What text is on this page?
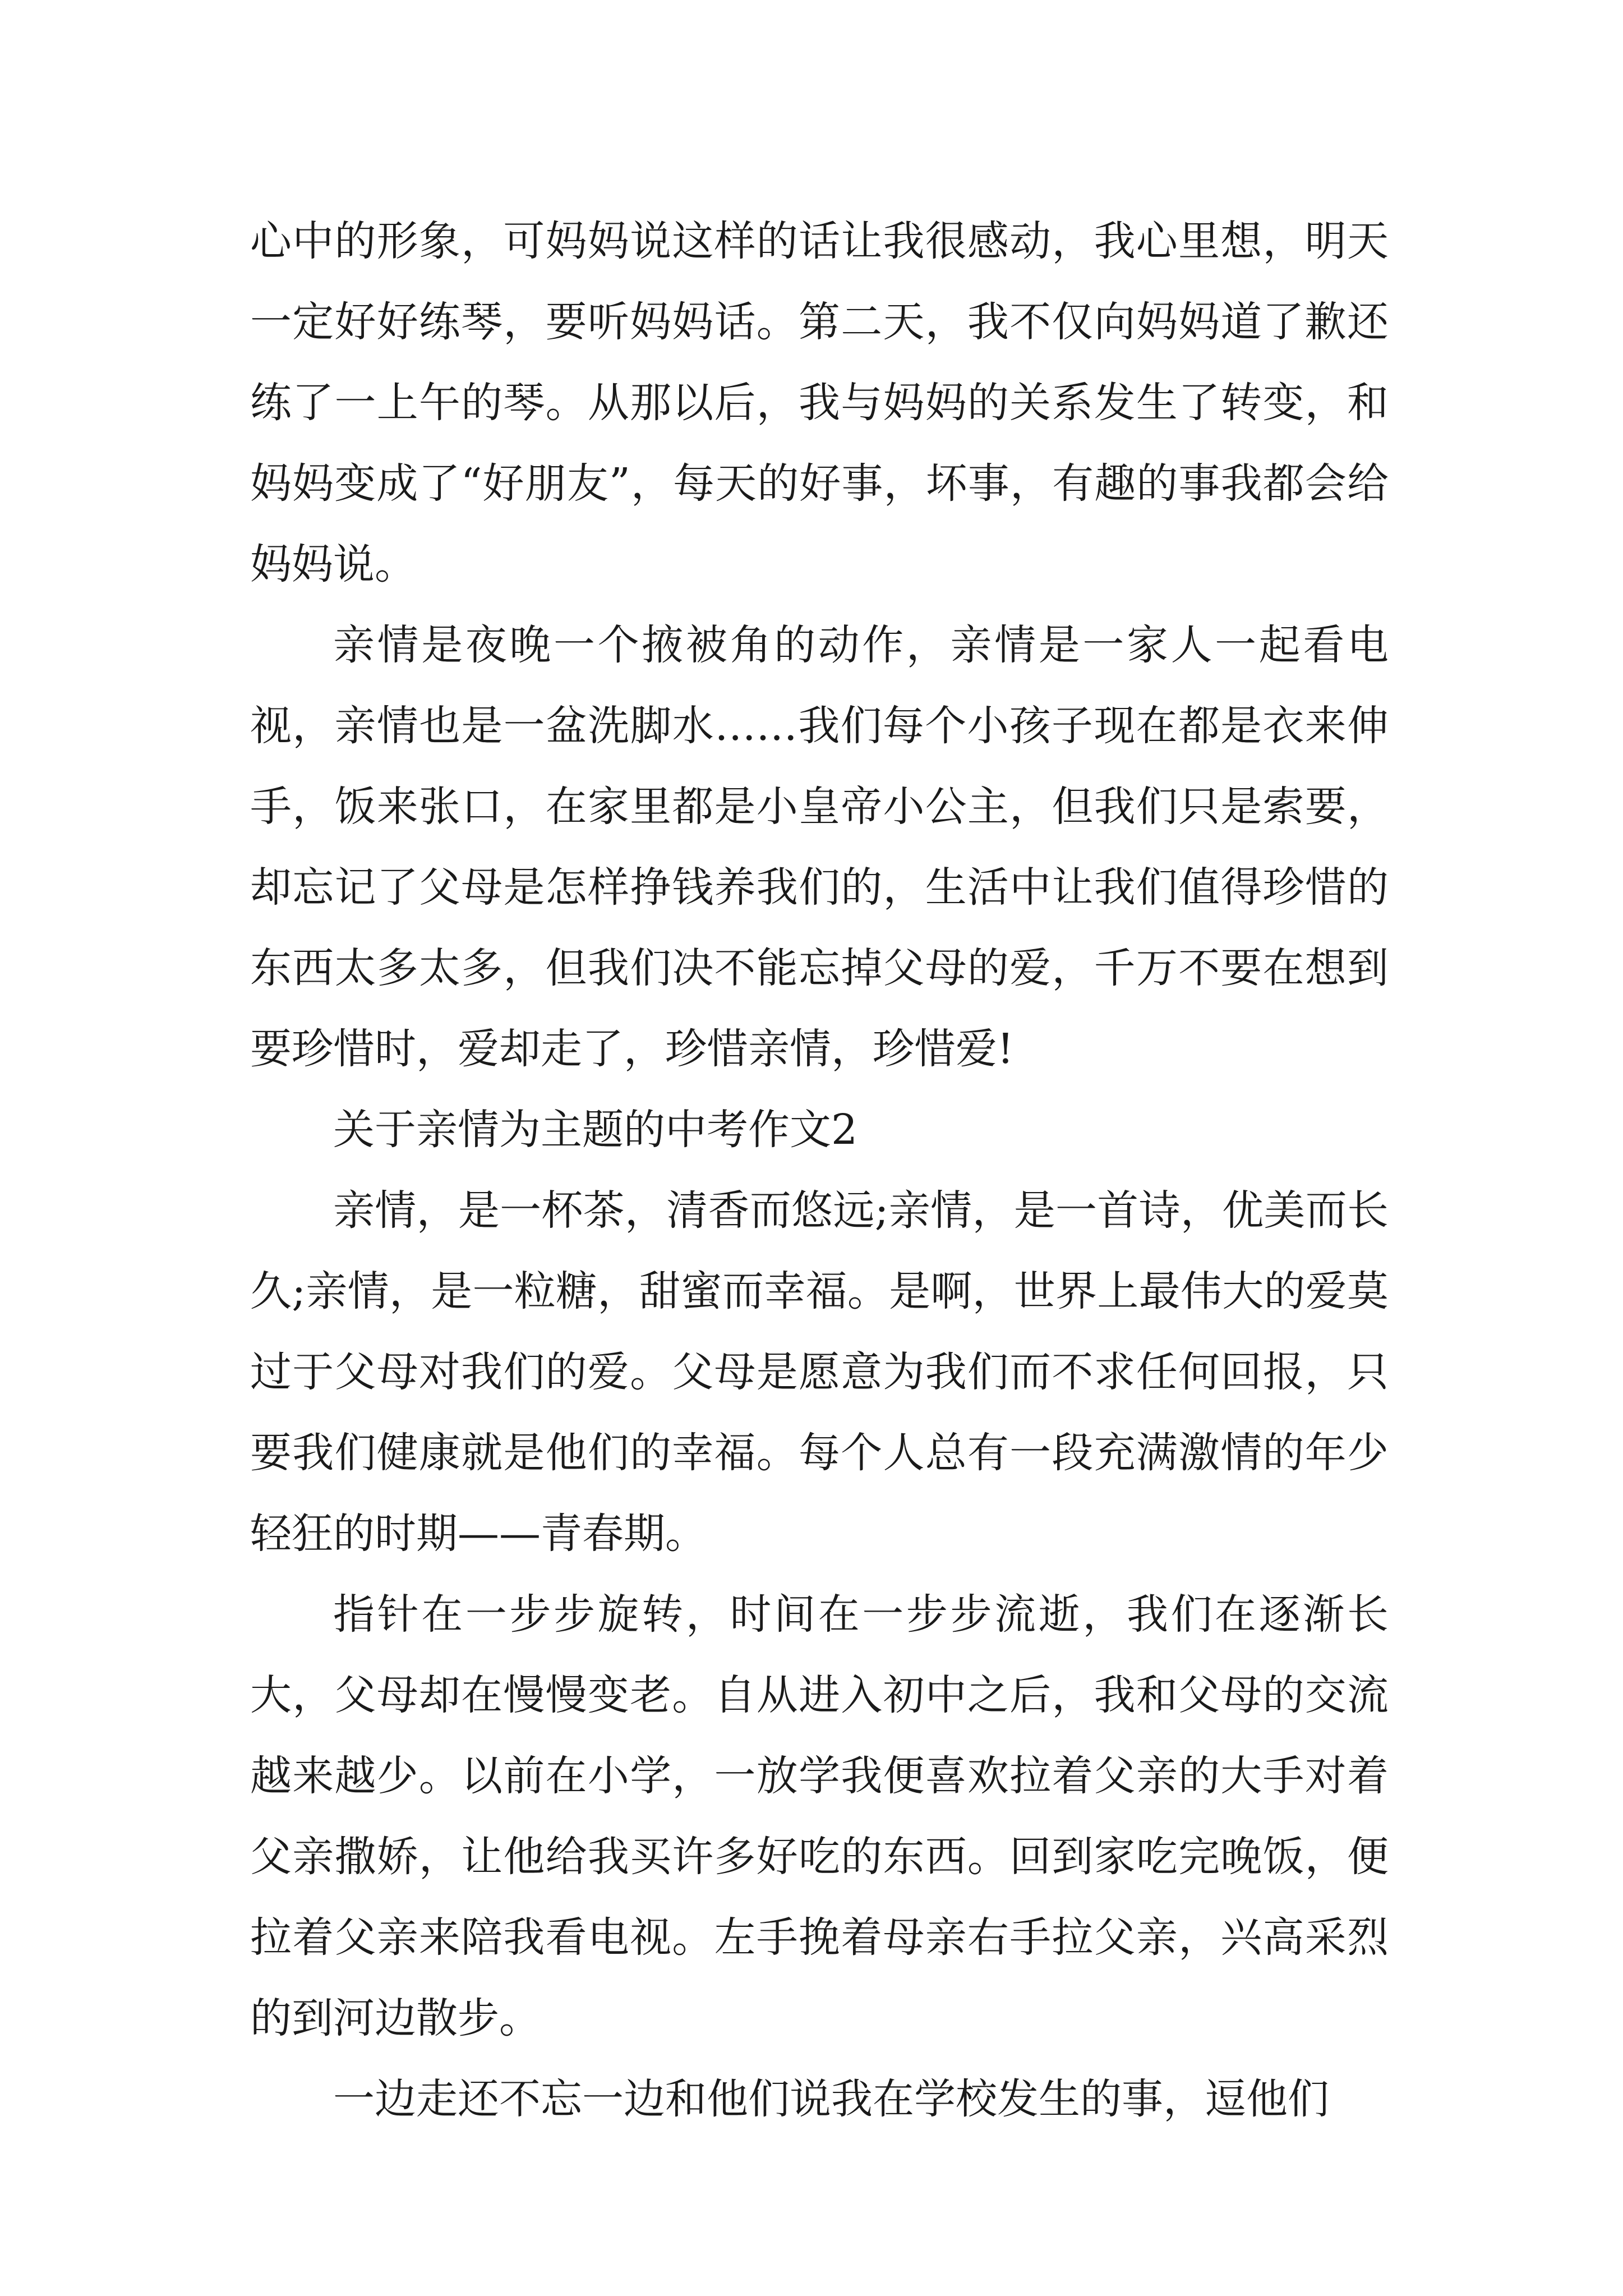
心中的形象，可妈妈说这样的话让我很感动，我心里想，明天一定好好练琴，要听妈妈话。第二天，我不仅向妈妈道了歉还练了一上午的琴。从那以后，我与妈妈的关系发生了转变，和妈妈变成了“好朋友”，每天的好事，坏事，有趣的事我都会给妈妈说。

亲情是夜晚一个掖被角的动作，亲情是一家人一起看电视，亲情也是一盆洗脚水……我们每个小孩子现在都是衣来伸手，饭来张口，在家里都是小皇帝小公主，但我们只是索要，却忘记了父母是怎样挣钱养我们的，生活中让我们值得珍惜的东西太多太多，但我们决不能忘掉父母的爱，千万不要在想到要珍惜时，爱却走了，珍惜亲情，珍惜爱!

关于亲情为主题的中考作文2

亲情，是一杯茶，清香而悠远;亲情，是一首诗，优美而长久;亲情，是一粒糖，甜蜜而幸福。是啊，世界上最伟大的爱莫过于父母对我们的爱。父母是愿意为我们而不求任何回报，只要我们健康就是他们的幸福。每个人总有一段充满激情的年少轻狂的时期——青春期。

指针在一步步旋转，时间在一步步流逝，我们在逐渐长大，父母却在慢慢变老。自从进入初中之后，我和父母的交流越来越少。以前在小学，一放学我便喜欢拉着父亲的大手对着父亲撒娇，让他给我买许多好吃的东西。回到家吃完晚饭，便拉着父亲来陪我看电视。左手挽着母亲右手拉父亲，兴高采烈的到河边散步。

一边走还不忘一边和他们说我在学校发生的事，逗他们
